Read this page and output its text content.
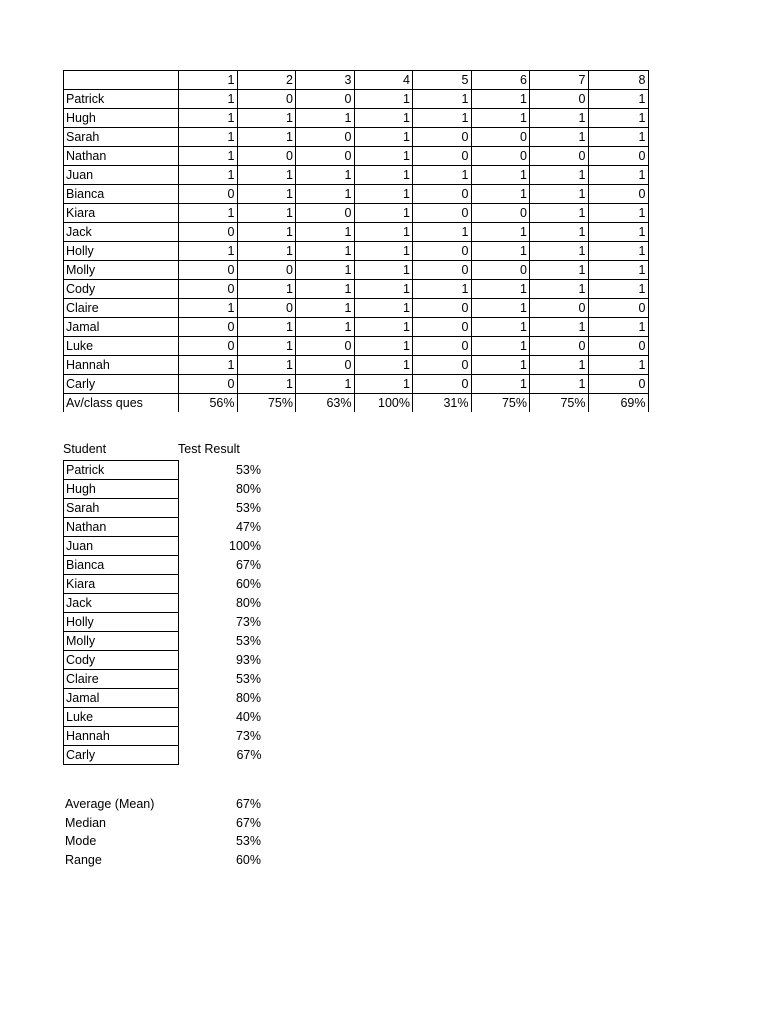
	1	2	3	4	5	6	7	8
Patrick	1	0	0	1	1	1	0	1
Hugh	1	1	1	1	1	1	1	1
Sarah	1	1	0	1	0	0	1	1
Nathan	1	0	0	1	0	0	0	0
Juan	1	1	1	1	1	1	1	1
Bianca	0	1	1	1	0	1	1	0
Kiara	1	1	0	1	0	0	1	1
Jack	0	1	1	1	1	1	1	1
Holly	1	1	1	1	0	1	1	1
Molly	0	0	1	1	0	0	1	1
Cody	0	1	1	1	1	1	1	1
Claire	1	0	1	1	0	1	0	0
Jamal	0	1	1	1	0	1	1	1
Luke	0	1	0	1	0	1	0	0
Hannah	1	1	0	1	0	1	1	1
Carly	0	1	1	1	0	1	1	0
Av/class ques	56%	75%	63%	100%	31%	75%	75%	69%
Student	Test Result
Patrick	53%
Hugh	80%
Sarah	53%
Nathan	47%
Juan	100%
Bianca	67%
Kiara	60%
Jack	80%
Holly	73%
Molly	53%
Cody	93%
Claire	53%
Jamal	80%
Luke	40%
Hannah	73%
Carly	67%
Average (Mean)	67%
Median	67%
Mode	53%
Range	60%
